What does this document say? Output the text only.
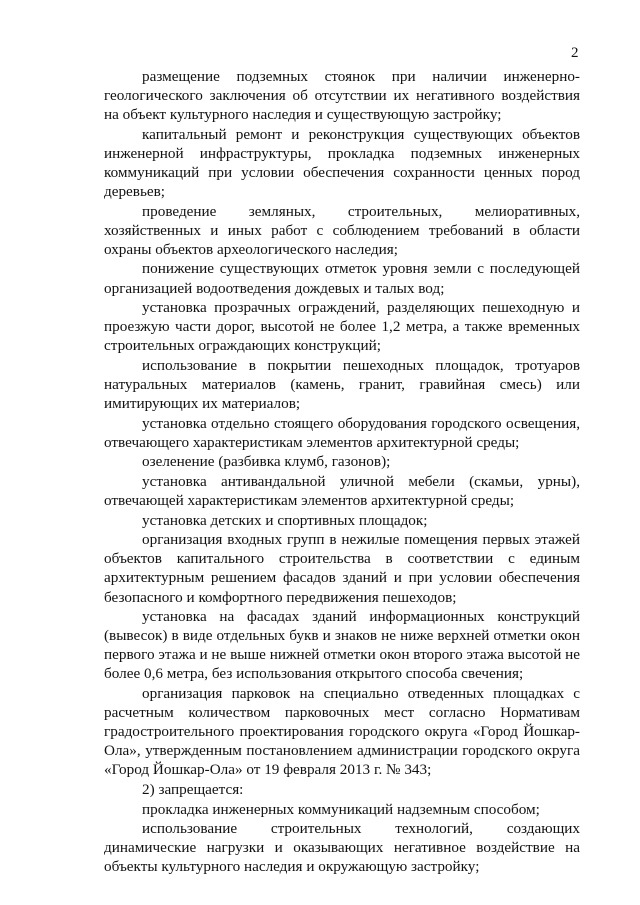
2

размещение подземных стоянок при наличии инженерно-геологического заключения об отсутствии их негативного воздействия на объект культурного наследия и существующую застройку;

капитальный ремонт и реконструкция существующих объектов инженерной инфраструктуры, прокладка подземных инженерных коммуникаций при условии обеспечения сохранности ценных пород деревьев;

проведение земляных, строительных, мелиоративных, хозяйственных и иных работ с соблюдением требований в области охраны объектов археологического наследия;

понижение существующих отметок уровня земли с последующей организацией водоотведения дождевых и талых вод;

установка прозрачных ограждений, разделяющих пешеходную и проезжую части дорог, высотой не более 1,2 метра, а также временных строительных ограждающих конструкций;

использование в покрытии пешеходных площадок, тротуаров натуральных материалов (камень, гранит, гравийная смесь) или имитирующих их материалов;

установка отдельно стоящего оборудования городского освещения, отвечающего характеристикам элементов архитектурной среды;

озеленение (разбивка клумб, газонов);

установка антивандальной уличной мебели (скамьи, урны), отвечающей характеристикам элементов архитектурной среды;

установка детских и спортивных площадок;

организация входных групп в нежилые помещения первых этажей объектов капитального строительства в соответствии с единым архитектурным решением фасадов зданий и при условии обеспечения безопасного и комфортного передвижения пешеходов;

установка на фасадах зданий информационных конструкций (вывесок) в виде отдельных букв и знаков не ниже верхней отметки окон первого этажа и не выше нижней отметки окон второго этажа высотой не более 0,6 метра, без использования открытого способа свечения;

организация парковок на специально отведенных площадках с расчетным количеством парковочных мест согласно Нормативам градостроительного проектирования городского округа «Город Йошкар-Ола», утвержденным постановлением администрации городского округа «Город Йошкар-Ола» от 19 февраля 2013 г. № 343;

2) запрещается:

прокладка инженерных коммуникаций надземным способом;

использование строительных технологий, создающих динамические нагрузки и оказывающих негативное воздействие на объекты культурного наследия и окружающую застройку;
